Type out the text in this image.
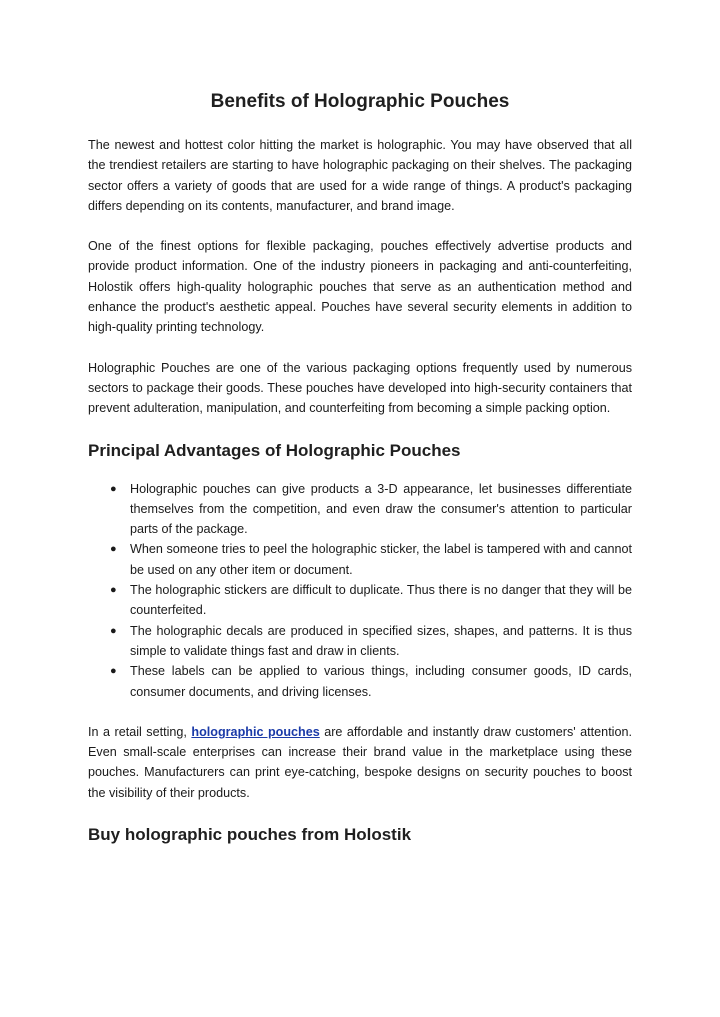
Benefits of Holographic Pouches

The newest and hottest color hitting the market is holographic. You may have observed that all the trendiest retailers are starting to have holographic packaging on their shelves. The packaging sector offers a variety of goods that are used for a wide range of things. A product's packaging differs depending on its contents, manufacturer, and brand image.

One of the finest options for flexible packaging, pouches effectively advertise products and provide product information. One of the industry pioneers in packaging and anti-counterfeiting, Holostik offers high-quality holographic pouches that serve as an authentication method and enhance the product's aesthetic appeal. Pouches have several security elements in addition to high-quality printing technology.

Holographic Pouches are one of the various packaging options frequently used by numerous sectors to package their goods. These pouches have developed into high-security containers that prevent adulteration, manipulation, and counterfeiting from becoming a simple packing option.

Principal Advantages of Holographic Pouches
● Holographic pouches can give products a 3-D appearance, let businesses differentiate themselves from the competition, and even draw the consumer's attention to particular parts of the package.
● When someone tries to peel the holographic sticker, the label is tampered with and cannot be used on any other item or document.
● The holographic stickers are difficult to duplicate. Thus there is no danger that they will be counterfeited.
● The holographic decals are produced in specified sizes, shapes, and patterns. It is thus simple to validate things fast and draw in clients.
● These labels can be applied to various things, including consumer goods, ID cards, consumer documents, and driving licenses.

In a retail setting, holographic pouches are affordable and instantly draw customers' attention. Even small-scale enterprises can increase their brand value in the marketplace using these pouches. Manufacturers can print eye-catching, bespoke designs on security pouches to boost the visibility of their products.

Buy holographic pouches from Holostik
